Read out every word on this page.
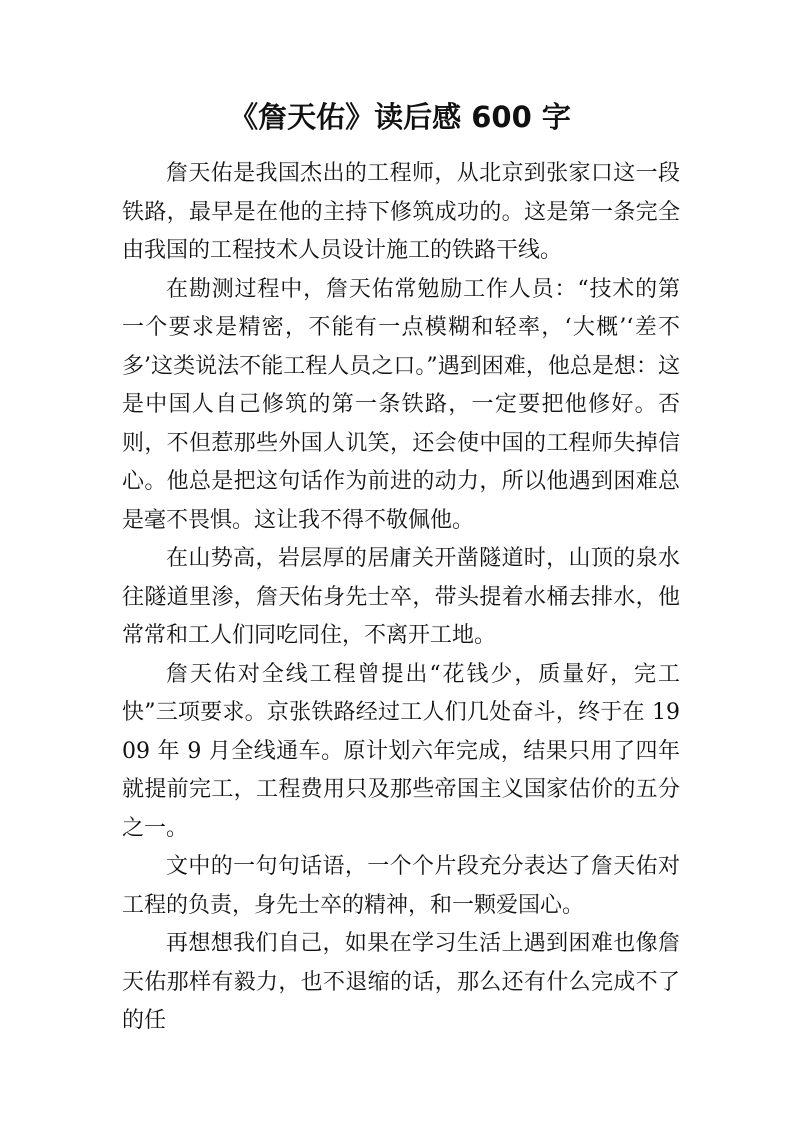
《詹天佑》读后感 600 字

詹天佑是我国杰出的工程师，从北京到张家口这一段铁路，最早是在他的主持下修筑成功的。这是第一条完全由我国的工程技术人员设计施工的铁路干线。

在勘测过程中，詹天佑常勉励工作人员：“技术的第一个要求是精密，不能有一点模糊和轻率，‘大概’‘差不多’这类说法不能工程人员之口。”遇到困难，他总是想：这是中国人自己修筑的第一条铁路，一定要把他修好。否则，不但惹那些外国人讥笑，还会使中国的工程师失掉信心。他总是把这句话作为前进的动力，所以他遇到困难总是毫不畏惧。这让我不得不敬佩他。

在山势高，岩层厚的居庸关开凿隧道时，山顶的泉水往隧道里渗，詹天佑身先士卒，带头提着水桶去排水，他常常和工人们同吃同住，不离开工地。

詹天佑对全线工程曾提出“花钱少，质量好，完工快”三项要求。京张铁路经过工人们几处奋斗，终于在 1909 年 9 月全线通车。原计划六年完成，结果只用了四年就提前完工，工程费用只及那些帝国主义国家估价的五分之一。

文中的一句句话语，一个个片段充分表达了詹天佑对工程的负责，身先士卒的精神，和一颗爱国心。

再想想我们自己，如果在学习生活上遇到困难也像詹天佑那样有毅力，也不退缩的话，那么还有什么完成不了的任
